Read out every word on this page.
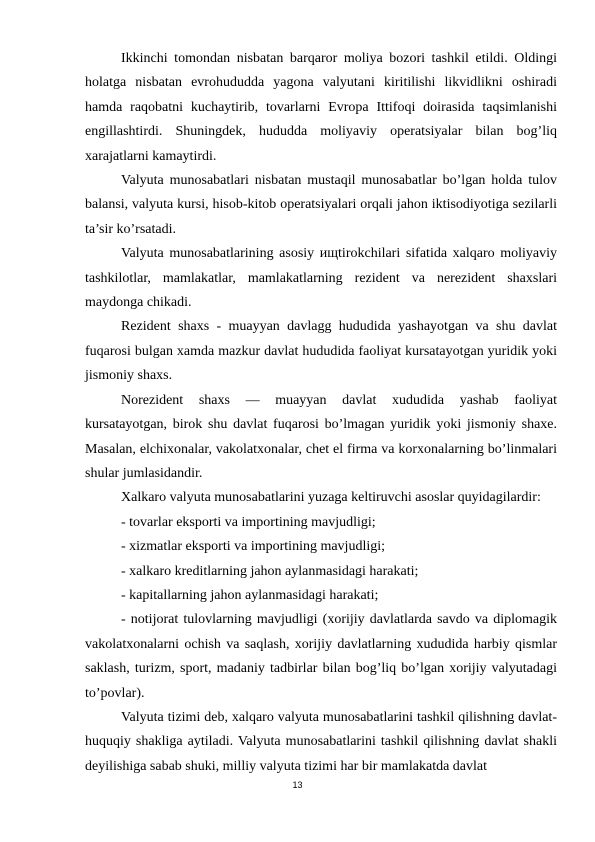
Ikkinchi tomondan nisbatan barqaror moliya bozori tashkil etildi. Oldingi holatga nisbatan evrohududda yagona valyutani kiritilishi likvidlikni oshiradi hamda raqobatni kuchaytirib, tovarlarni Evropa Ittifoqi doirasida taqsimlanishi engillashtirdi. Shuningdek, hududda moliyaviy operatsiyalar bilan bog’liq xarajatlarni kamaytirdi.

Valyuta munosabatlari nisbatan mustaqil munosabatlar bo’lgan holda tulov balansi, valyuta kursi, hisob-kitob operatsiyalari orqali jahon iktisodiyotiga sezilarli ta’sir ko’rsatadi.

Valyuta munosabatlarining asosiy ищtirokchilari sifatida xalqaro moliyaviy tashkilotlar, mamlakatlar, mamlakatlarning rezident va nerezident shaxslari maydonga chikadi.

Rezident shaxs - muayyan davlagg hududida yashayotgan va shu davlat fuqarosi bulgan xamda mazkur davlat hududida faoliyat kursatayotgan yuridik yoki jismoniy shaxs.

Norezident shaxs — muayyan davlat xududida yashab faoliyat kursatayotgan, birok shu davlat fuqarosi bo’lmagan yuridik yoki jismoniy shaxe. Masalan, elchixonalar, vakolatxonalar, chet el firma va korxonalarning bo’linmalari shular jumlasidandir.

Xalkaro valyuta munosabatlarini yuzaga keltiruvchi asoslar quyidagilardir:

- tovarlar eksporti va importining mavjudligi;

- xizmatlar eksporti va importining mavjudligi;

- xalkaro kreditlarning jahon aylanmasidagi harakati;

- kapitallarning jahon aylanmasidagi harakati;

- notijorat tulovlarning mavjudligi (xorijiy davlatlarda savdo va diplomagik vakolatxonalarni ochish va saqlash, xorijiy davlatlarning xududida harbiy qismlar saklash, turizm, sport, madaniy tadbirlar bilan bog’liq bo’lgan xorijiy valyutadagi to’povlar).

Valyuta tizimi deb, xalqaro valyuta munosabatlarini tashkil qilishning davlat-huquqiy shakliga aytiladi. Valyuta munosabatlarini tashkil qilishning davlat shakli deyilishiga sabab shuki, milliy valyuta tizimi har bir mamlakatda davlat

13
